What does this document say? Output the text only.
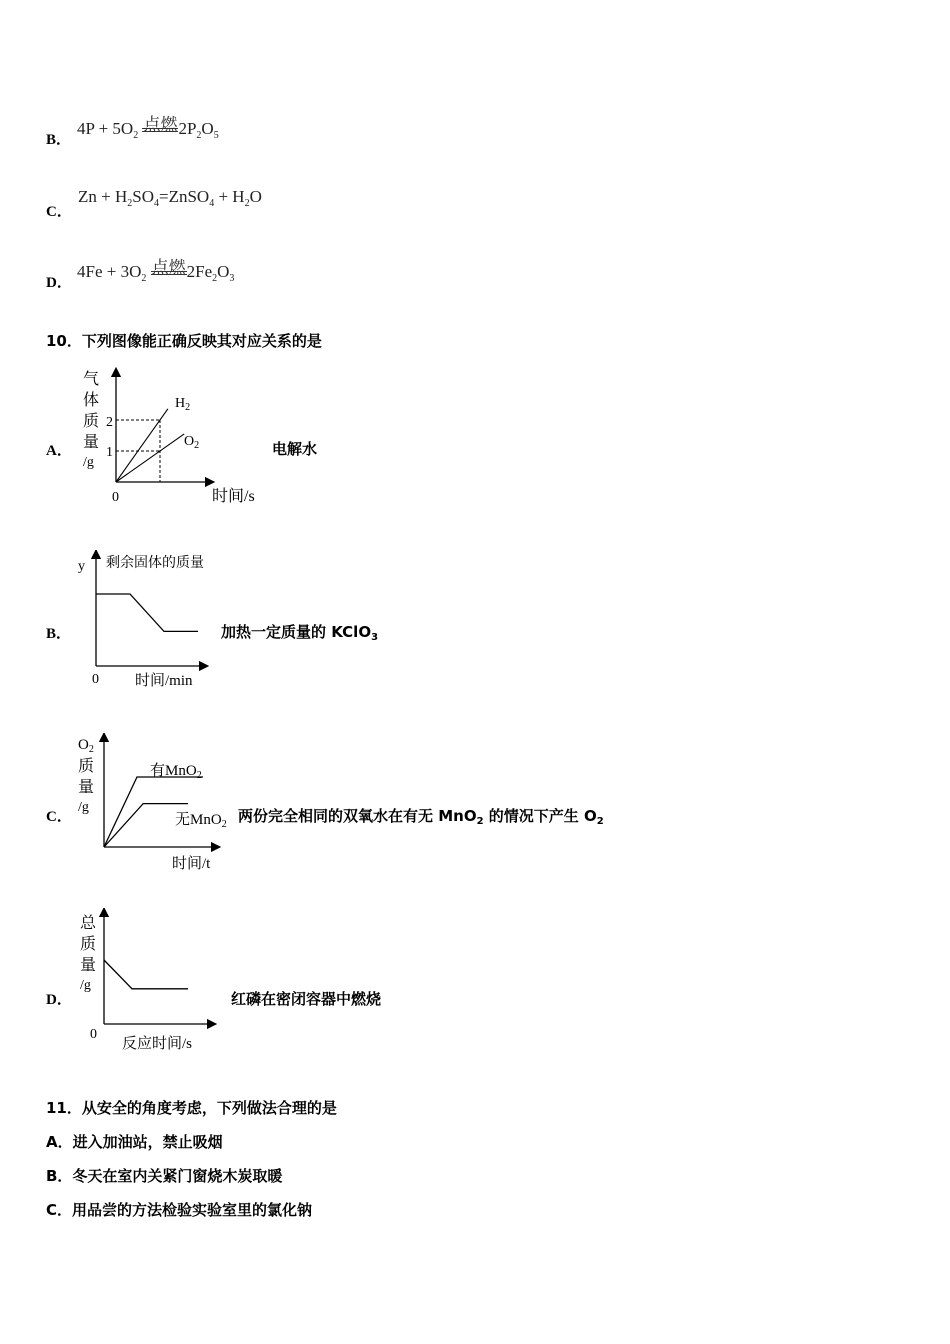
B．
$4P + 5O_2$
点燃 $2P_2O_5$
C．
$Zn + H_2SO_4=ZnSO_4 + H_2O$
D．
$4Fe + 3O_2$
点燃 $2Fe_2O_3$
10．下列图像能正确反映其对应关系的是
A．
气体质量/g
2
1
$H_2$
$O_2$
0	时间/s
电解水
B．
y 剩余固体的质量
0 时间/min
加热一定质量的 KClO$_3$
C．
$O_2$
质量/g
有MnO$_2$
无MnO$_2$
时间/t
两份完全相同的双氧水在有无 MnO$_2$ 的情况下产生 $O_2$
D．
总质量/g
0
反应时间/s
红磷在密闭容器中燃烧
11．从安全的角度考虑，下列做法合理的是
A．进入加油站，禁止吸烟
B．冬天在室内关紧门窗烧木炭取暖
C．用品尝的方法检验实验室里的氯化钠
